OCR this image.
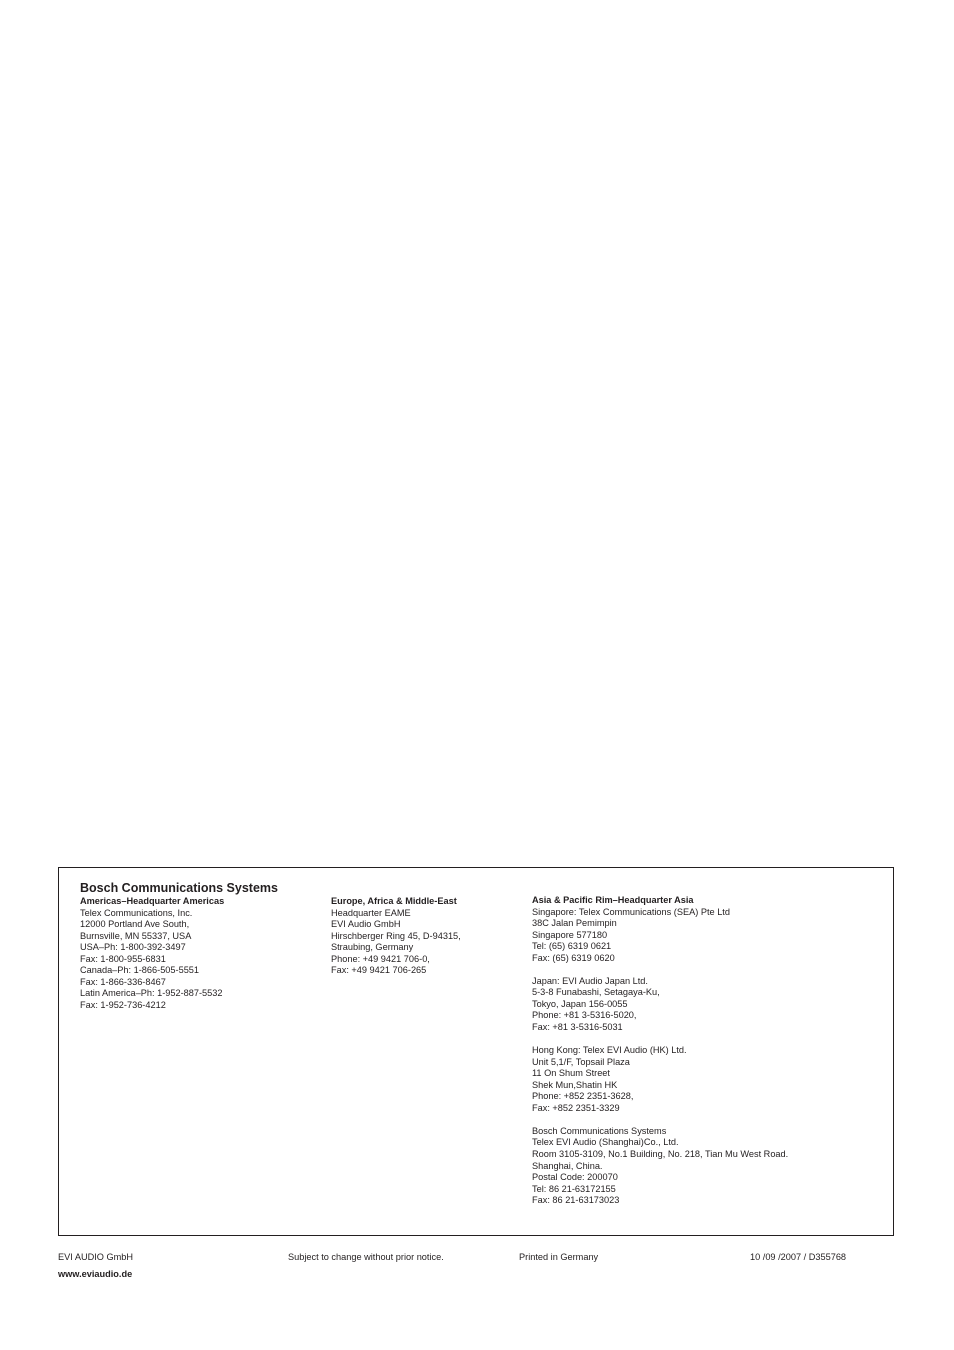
Bosch Communications Systems
Americas–Headquarter Americas
Telex Communications, Inc.
12000 Portland Ave South,
Burnsville, MN 55337, USA
USA–Ph: 1-800-392-3497
Fax: 1-800-955-6831
Canada–Ph: 1-866-505-5551
Fax: 1-866-336-8467
Latin America–Ph: 1-952-887-5532
Fax: 1-952-736-4212
Europe, Africa & Middle-East
Headquarter EAME
EVI Audio GmbH
Hirschberger Ring 45, D-94315,
Straubing, Germany
Phone: +49 9421 706-0,
Fax: +49 9421 706-265
Asia & Pacific Rim–Headquarter Asia
Singapore: Telex Communications (SEA) Pte Ltd
38C Jalan Pemimpin
Singapore 577180
Tel: (65) 6319 0621
Fax: (65) 6319 0620
Japan: EVI Audio Japan Ltd.
5-3-8 Funabashi, Setagaya-Ku,
Tokyo, Japan 156-0055
Phone: +81 3-5316-5020,
Fax: +81 3-5316-5031
Hong Kong: Telex EVI Audio (HK) Ltd.
Unit 5,1/F, Topsail Plaza
11 On Shum Street
Shek Mun,Shatin HK
Phone: +852 2351-3628,
Fax: +852 2351-3329
Bosch Communications Systems
Telex EVI Audio (Shanghai)Co., Ltd.
Room 3105-3109, No.1 Building, No. 218, Tian Mu West Road.
Shanghai, China.
Postal Code: 200070
Tel: 86 21-63172155
Fax: 86 21-63173023
EVI AUDIO GmbH	Subject to change without prior notice.	Printed in Germany	10 /09 /2007 / D355768
www.eviaudio.de
